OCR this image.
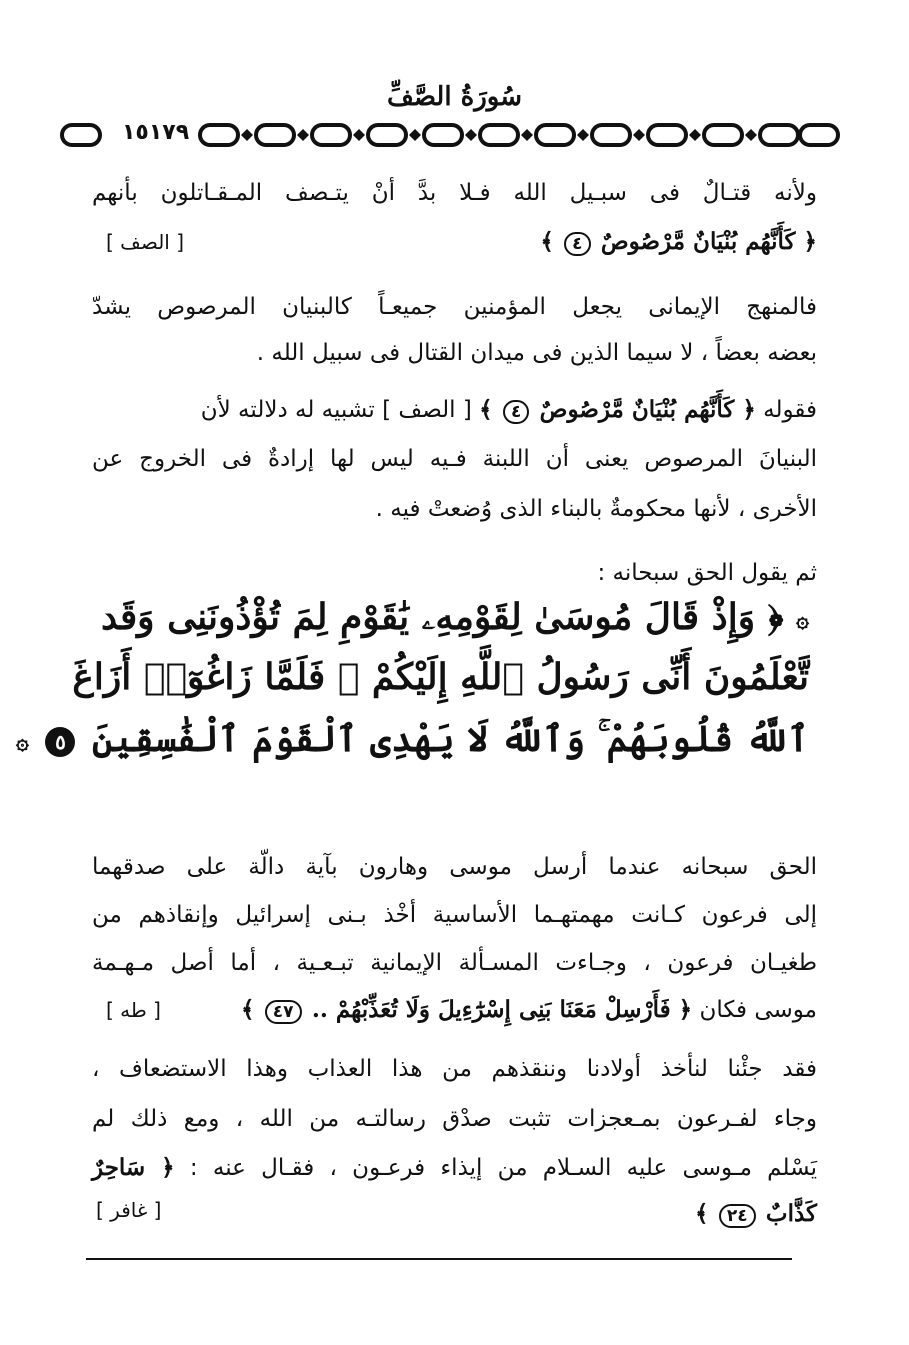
سُورَةُ الصَّفِّ
١٥١٧٩
ولأنه قتـالٌ فى سبـيل الله فـلا بدَّ أنْ يتـصف المـقـاتلون بأنهم
﴿ كَأَنَّهُم بُنْيَانٌ مَّرْصُوصٌ ٤ ﴾
[ الصف ]
فالمنهج الإيمانى يجعل المؤمنين جميعـاً كالبنيان المرصوص يشدّ
بعضه بعضاً ، لا سيما الذين فى ميدان القتال فى سبيل الله .
فقوله ﴿ كَأَنَّهُم بُنْيَانٌ مَّرْصُوصٌ ٤ ﴾ [ الصف ] تشبيه له دلالته لأن
البنيانَ المرصوص يعنى أن اللبنة فـيه ليس لها إرادةٌ فى الخروج عن
الأخرى ، لأنها محكومةٌ بالبناء الذى وُضعتْ فيه .
ثم يقول الحق سبحانه :
۞ ﴿ وَإِذْ قَالَ مُوسَىٰ لِقَوْمِهِۦ يَٰقَوْمِ لِمَ تُؤْذُونَنِى وَقَد
تَّعْلَمُونَ أَنِّى رَسُولُ ٱللَّهِ إِلَيْكُمْ ۖ فَلَمَّا زَاغُوٓا۟ أَزَاغَ
ٱللَّهُ قُلُوبَهُمْ ۚ وَٱللَّهُ لَا يَهْدِى ٱلْقَوْمَ ٱلْفَٰسِقِينَ ٥ ۞
الحق سبحانه عندما أرسل موسى وهارون بآية دالّة على صدقهما
إلى فرعون كـانت مهمتهـما الأساسية أخْذ بـنى إسرائيل وإنقاذهم من
طغيـان فرعون ، وجـاءت المسـألة الإيمانية تبـعـية ، أما أصل مـهـمة
موسى فكان ﴿ فَأَرْسِلْ مَعَنَا بَنِى إِسْرَٰٓءِيلَ وَلَا تُعَذِّبْهُمْ .. ٤٧ ﴾
[ طه ]
فقد جئْنا لنأخذ أولادنا وننقذهم من هذا العذاب وهذا الاستضعاف ،
وجاء لفـرعون بمـعجزات تثبت صدْق رسالتـه من الله ، ومع ذلك لم
يَسْلم مـوسى عليه السـلام من إيذاء فرعـون ، فقـال عنه : ﴿ سَاحِرٌ
كَذَّابٌ ٢٤ ﴾
[ غافر ]
